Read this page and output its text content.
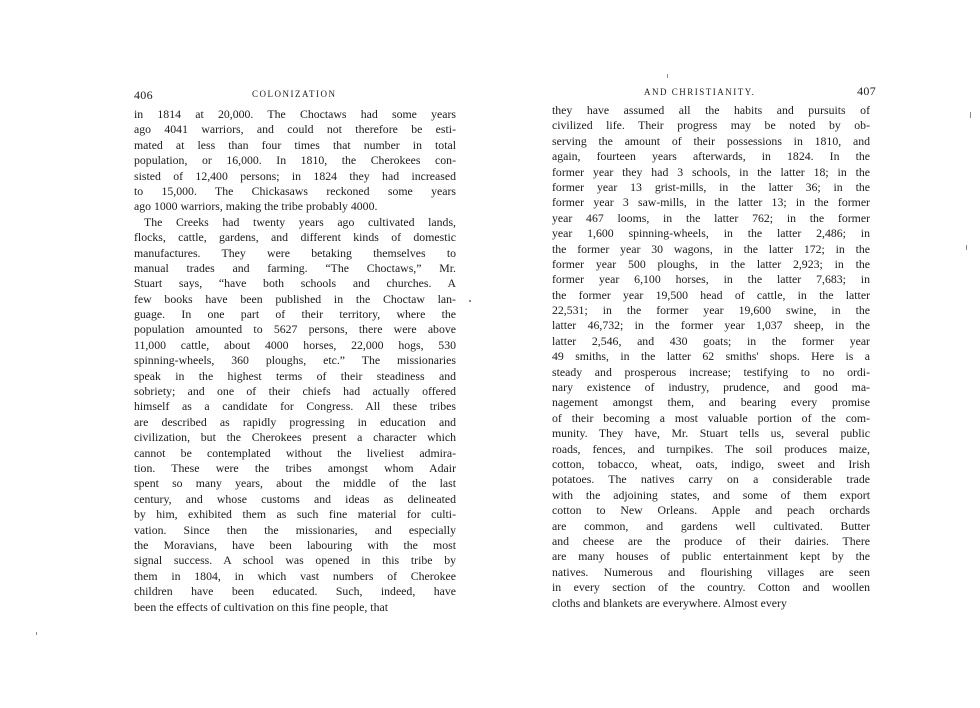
406	COLONIZATION
in 1814 at 20,000. The Choctaws had some years
ago 4041 warriors, and could not therefore be esti-
mated at less than four times that number in total
population, or 16,000. In 1810, the Cherokees con-
sisted of 12,400 persons; in 1824 they had increased
to 15,000. The Chickasaws reckoned some years
ago 1000 warriors, making the tribe probably 4000.
The Creeks had twenty years ago cultivated lands,
flocks, cattle, gardens, and different kinds of domestic
manufactures. They were betaking themselves to
manual trades and farming. “The Choctaws,” Mr.
Stuart says, “have both schools and churches. A
few books have been published in the Choctaw lan-
guage. In one part of their territory, where the
population amounted to 5627 persons, there were above
11,000 cattle, about 4000 horses, 22,000 hogs, 530
spinning-wheels, 360 ploughs, etc.” The missionaries
speak in the highest terms of their steadiness and
sobriety; and one of their chiefs had actually offered
himself as a candidate for Congress. All these tribes
are described as rapidly progressing in education and
civilization, but the Cherokees present a character which
cannot be contemplated without the liveliest admira-
tion. These were the tribes amongst whom Adair
spent so many years, about the middle of the last
century, and whose customs and ideas as delineated
by him, exhibited them as such fine material for culti-
vation. Since then the missionaries, and especially
the Moravians, have been labouring with the most
signal success. A school was opened in this tribe by
them in 1804, in which vast numbers of Cherokee
children have been educated. Such, indeed, have
been the effects of cultivation on this fine people, that
AND CHRISTIANITY.	407
they have assumed all the habits and pursuits of
civilized life. Their progress may be noted by ob-
serving the amount of their possessions in 1810, and
again, fourteen years afterwards, in 1824. In the
former year they had 3 schools, in the latter 18; in the
former year 13 grist-mills, in the latter 36; in the
former year 3 saw-mills, in the latter 13; in the former
year 467 looms, in the latter 762; in the former
year 1,600 spinning-wheels, in the latter 2,486; in
the former year 30 wagons, in the latter 172; in the
former year 500 ploughs, in the latter 2,923; in the
former year 6,100 horses, in the latter 7,683; in
the former year 19,500 head of cattle, in the latter
22,531; in the former year 19,600 swine, in the
latter 46,732; in the former year 1,037 sheep, in the
latter 2,546, and 430 goats; in the former year
49 smiths, in the latter 62 smiths' shops. Here is a
steady and prosperous increase; testifying to no ordi-
nary existence of industry, prudence, and good ma-
nagement amongst them, and bearing every promise
of their becoming a most valuable portion of the com-
munity. They have, Mr. Stuart tells us, several public
roads, fences, and turnpikes. The soil produces maize,
cotton, tobacco, wheat, oats, indigo, sweet and Irish
potatoes. The natives carry on a considerable trade
with the adjoining states, and some of them export
cotton to New Orleans. Apple and peach orchards
are common, and gardens well cultivated. Butter
and cheese are the produce of their dairies. There
are many houses of public entertainment kept by the
natives. Numerous and flourishing villages are seen
in every section of the country. Cotton and woollen
cloths and blankets are everywhere. Almost every
